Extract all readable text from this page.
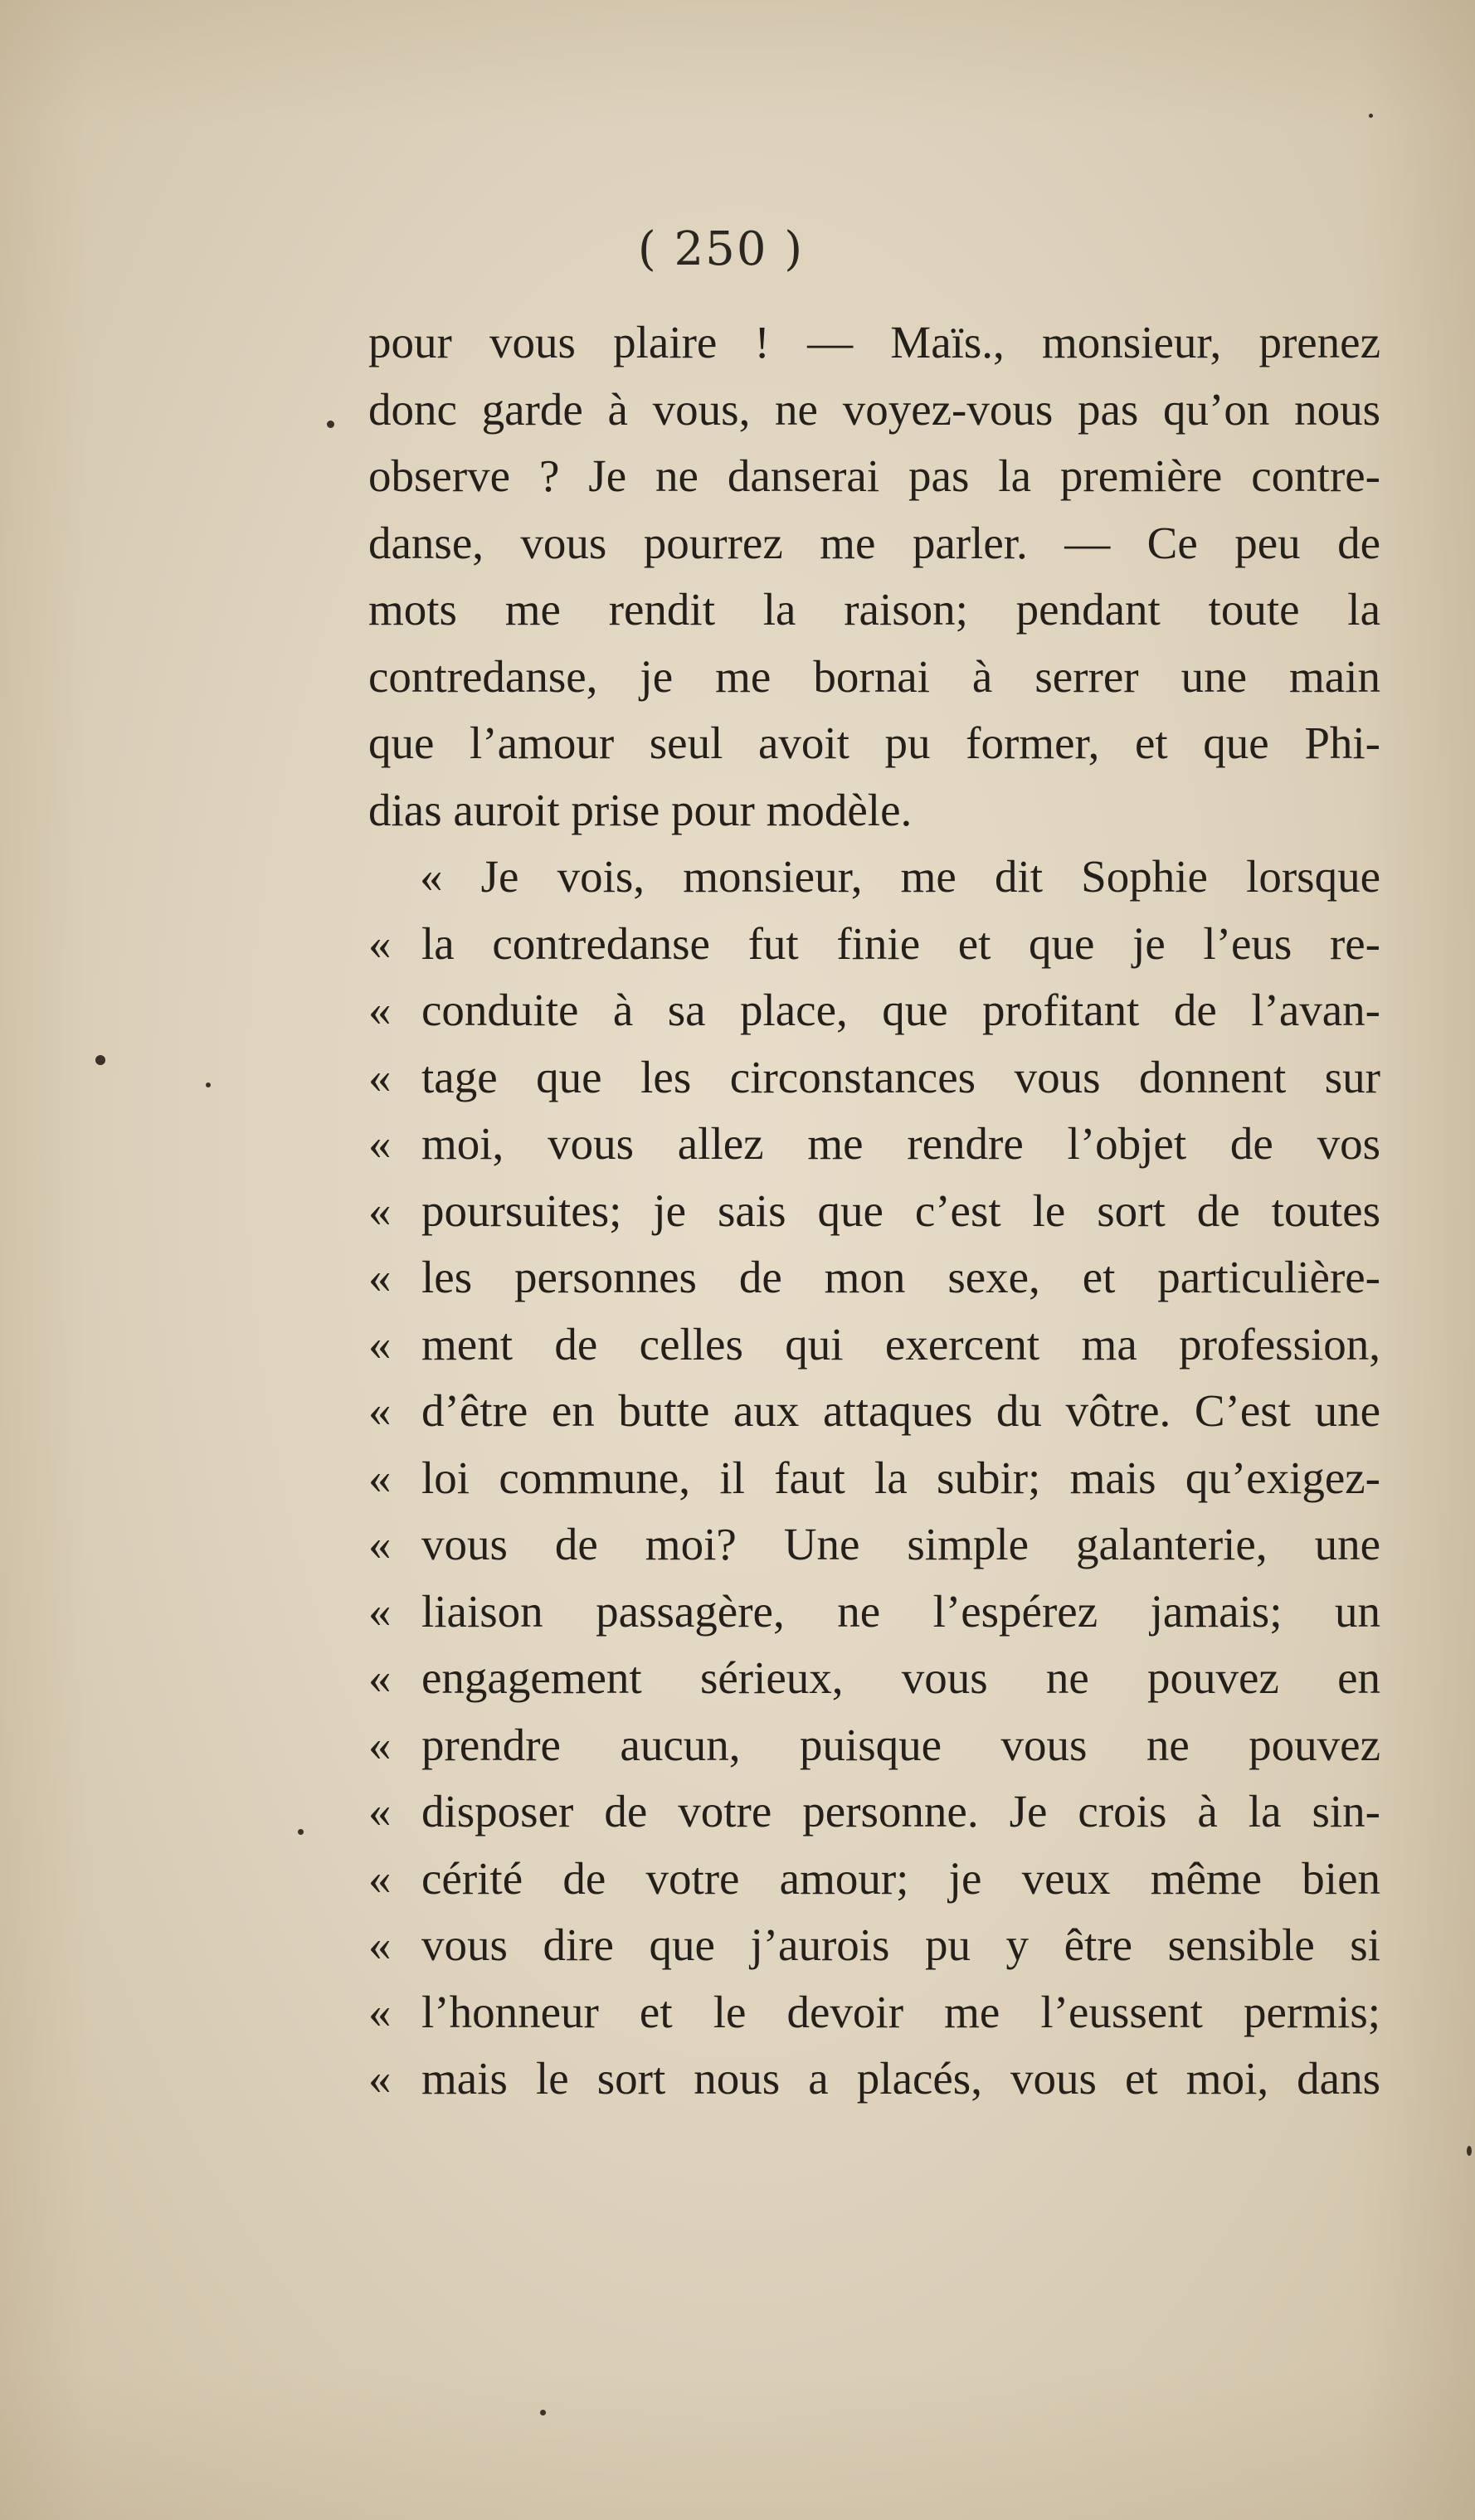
( 250 )
pour vous plaire ! — Maïs., monsieur, prenez
donc garde à vous, ne voyez-vous pas qu’on nous
observe ? Je ne danserai pas la première contre-
danse, vous pourrez me parler. — Ce peu de
mots me rendit la raison; pendant toute la
contredanse, je me bornai à serrer une main
que l’amour seul avoit pu former, et que Phi-
dias auroit prise pour modèle.
« Je vois, monsieur, me dit Sophie lorsque
« la contredanse fut finie et que je l’eus re-
« conduite à sa place, que profitant de l’avan-
« tage que les circonstances vous donnent sur
« moi, vous allez me rendre l’objet de vos
« poursuites; je sais que c’est le sort de toutes
« les personnes de mon sexe, et particulière-
« ment de celles qui exercent ma profession,
« d’être en butte aux attaques du vôtre. C’est une
« loi commune, il faut la subir; mais qu’exigez-
« vous de moi? Une simple galanterie, une
« liaison passagère, ne l’espérez jamais; un
« engagement sérieux, vous ne pouvez en
« prendre aucun, puisque vous ne pouvez
« disposer de votre personne. Je crois à la sin-
« cérité de votre amour; je veux même bien
« vous dire que j’aurois pu y être sensible si
« l’honneur et le devoir me l’eussent permis;
« mais le sort nous a placés, vous et moi, dans
